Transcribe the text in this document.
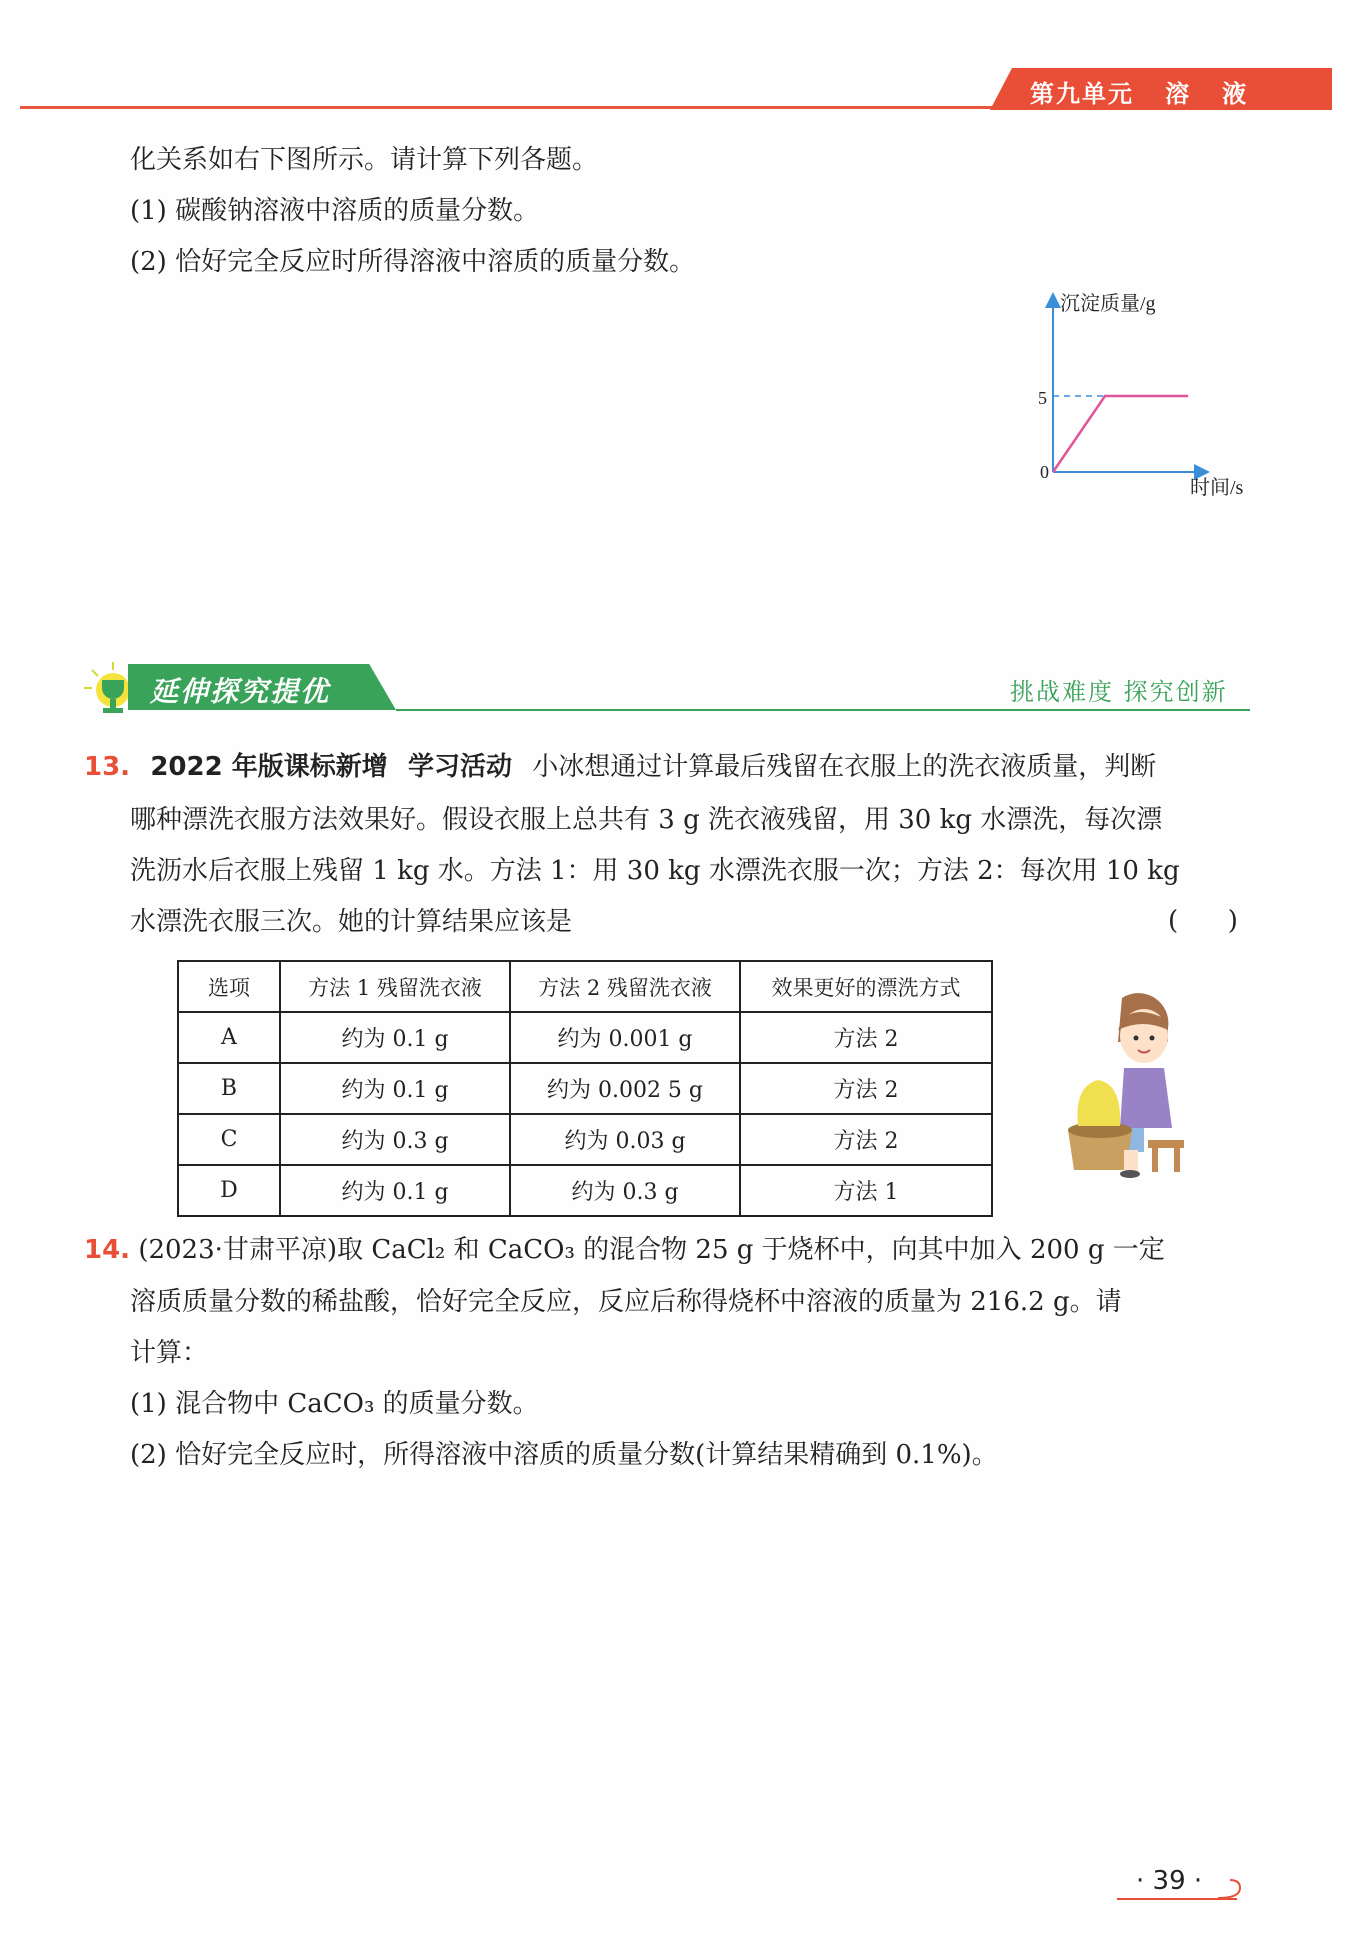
第九单元   溶   液
化关系如右下图所示。请计算下列各题。
(1) 碳酸钠溶液中溶质的质量分数。
(2) 恰好完全反应时所得溶液中溶质的质量分数。
沉淀质量/g
时间/s
5
0
延伸探究提优	挑战难度 探究创新
13. 2022 年版课标新增 学习活动 小冰想通过计算最后残留在衣服上的洗衣液质量，判断
哪种漂洗衣服方法效果好。假设衣服上总共有 3 g 洗衣液残留，用 30 kg 水漂洗，每次漂
洗沥水后衣服上残留 1 kg 水。方法 1：用 30 kg 水漂洗衣服一次；方法 2：每次用 10 kg
水漂洗衣服三次。她的计算结果应该是	(      )
选项	方法 1 残留洗衣液	方法 2 残留洗衣液	效果更好的漂洗方式
A	约为 0.1 g	约为 0.001 g	方法 2
B	约为 0.1 g	约为 0.002 5 g	方法 2
C	约为 0.3 g	约为 0.03 g	方法 2
D	约为 0.1 g	约为 0.3 g	方法 1
14. (2023·甘肃平凉)取 CaCl₂ 和 CaCO₃ 的混合物 25 g 于烧杯中，向其中加入 200 g 一定
溶质质量分数的稀盐酸，恰好完全反应，反应后称得烧杯中溶液的质量为 216.2 g。请
计算：
(1) 混合物中 CaCO₃ 的质量分数。
(2) 恰好完全反应时，所得溶液中溶质的质量分数(计算结果精确到 0.1%)。
· 39 ·
